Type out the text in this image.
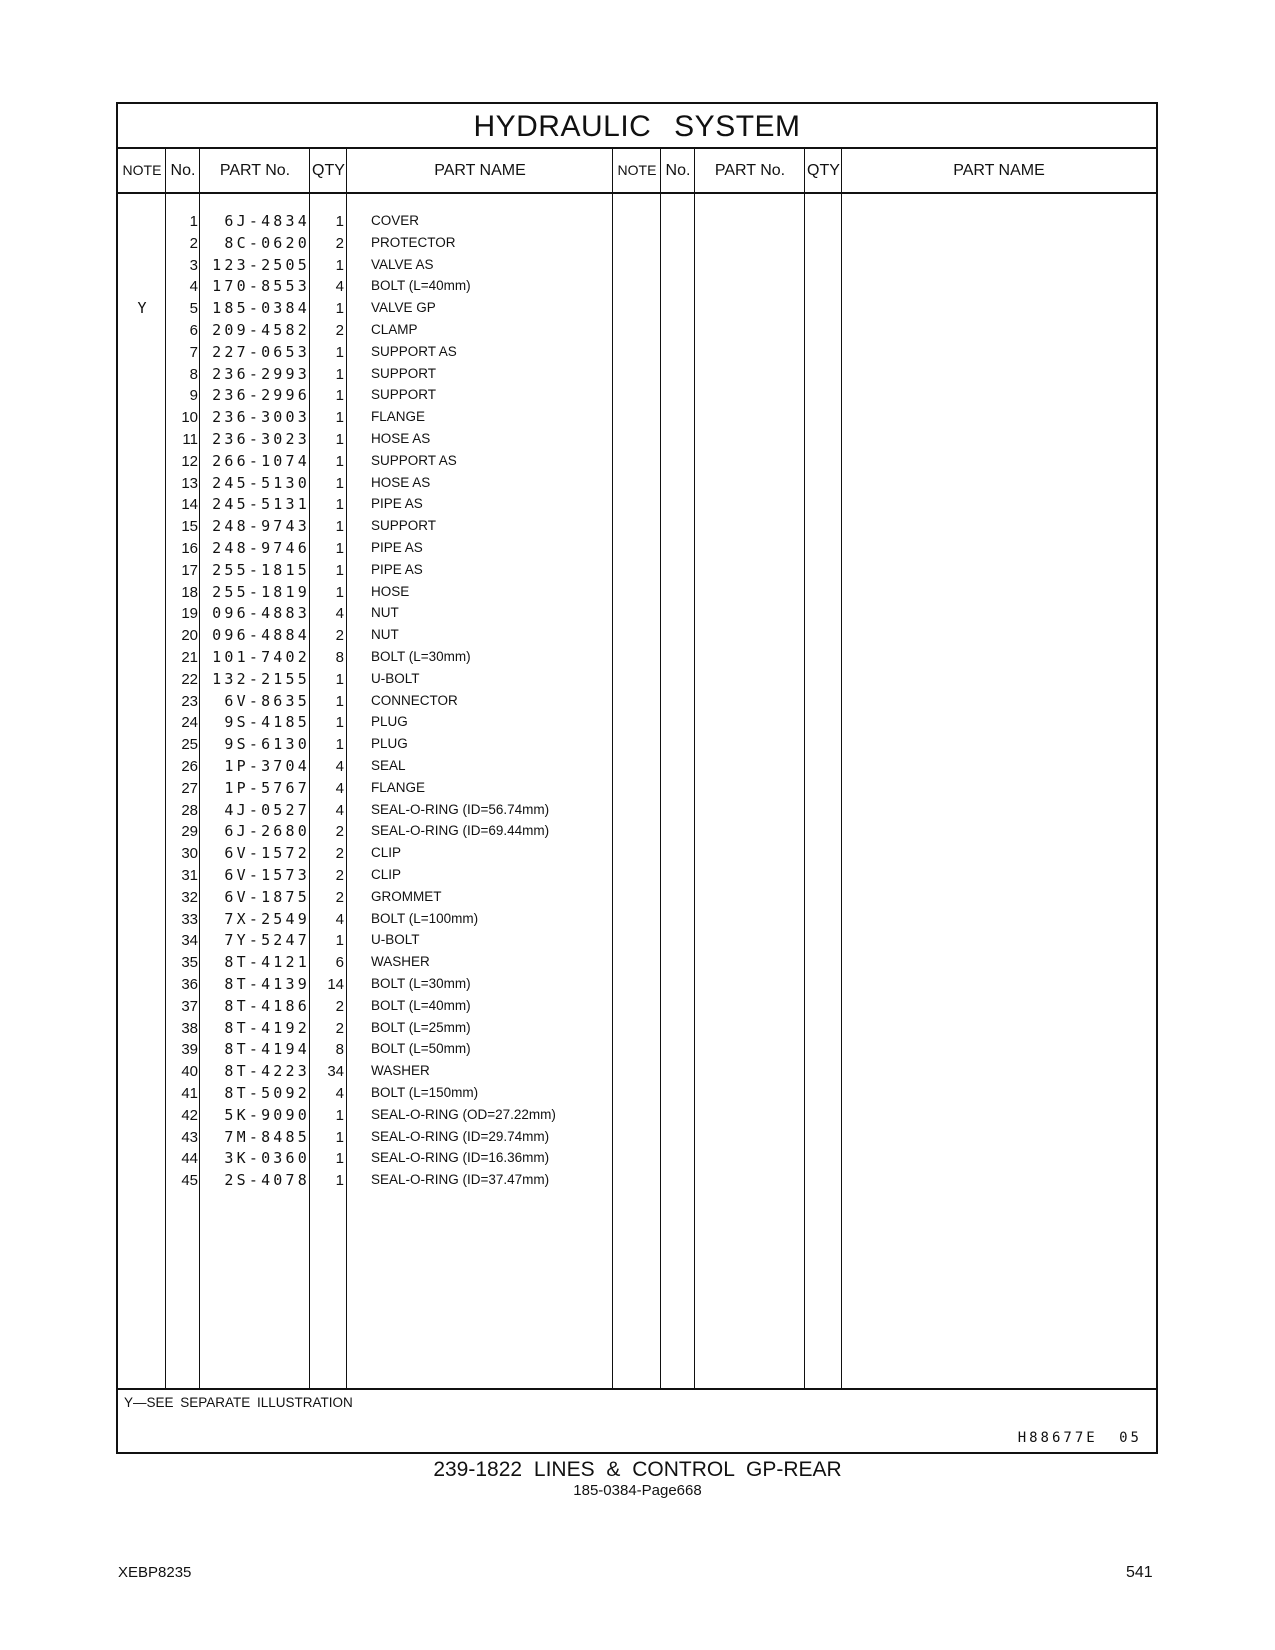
HYDRAULIC SYSTEM
NOTE No.	PART No.	QTY	PART NAME	NOTE No.	PART No.	QTY	PART NAME
1	6J-4834	1 COVER
2	8C-0620	2 PROTECTOR
3 123-2505	1 VALVE AS
4 170-8553	4 BOLT (L=40mm)
Y	5 185-0384	1 VALVE GP
6 209-4582	2 CLAMP
7 227-0653	1 SUPPORT AS
8 236-2993	1 SUPPORT
9 236-2996	1 SUPPORT
10 236-3003	1 FLANGE
11 236-3023	1 HOSE AS
12 266-1074	1 SUPPORT AS
13 245-5130	1 HOSE AS
14 245-5131	1 PIPE AS
15 248-9743	1 SUPPORT
16 248-9746	1 PIPE AS
17 255-1815	1 PIPE AS
18 255-1819	1 HOSE
19 096-4883	4 NUT
20 096-4884	2 NUT
21 101-7402	8 BOLT (L=30mm)
22 132-2155	1 U-BOLT
23	6V-8635	1 CONNECTOR
24	9S-4185	1 PLUG
25	9S-6130	1 PLUG
26	1P-3704	4 SEAL
27	1P-5767	4 FLANGE
28	4J-0527	4 SEAL-O-RING (ID=56.74mm)
29	6J-2680	2 SEAL-O-RING (ID=69.44mm)
30	6V-1572	2 CLIP
31	6V-1573	2 CLIP
32	6V-1875	2 GROMMET
33	7X-2549	4 BOLT (L=100mm)
34	7Y-5247	1 U-BOLT
35	8T-4121	6 WASHER
36	8T-4139	14 BOLT (L=30mm)
37	8T-4186	2 BOLT (L=40mm)
38	8T-4192	2 BOLT (L=25mm)
39	8T-4194	8 BOLT (L=50mm)
40	8T-4223	34 WASHER
41	8T-5092	4 BOLT (L=150mm)
42	5K-9090	1 SEAL-O-RING (OD=27.22mm)
43	7M-8485	1 SEAL-O-RING (ID=29.74mm)
44	3K-0360	1 SEAL-O-RING (ID=16.36mm)
45	2S-4078	1 SEAL-O-RING (ID=37.47mm)
Y—SEE SEPARATE ILLUSTRATION
H88677E 05
239-1822 LINES & CONTROL GP-REAR
185-0384-Page668
XEBP8235	541
